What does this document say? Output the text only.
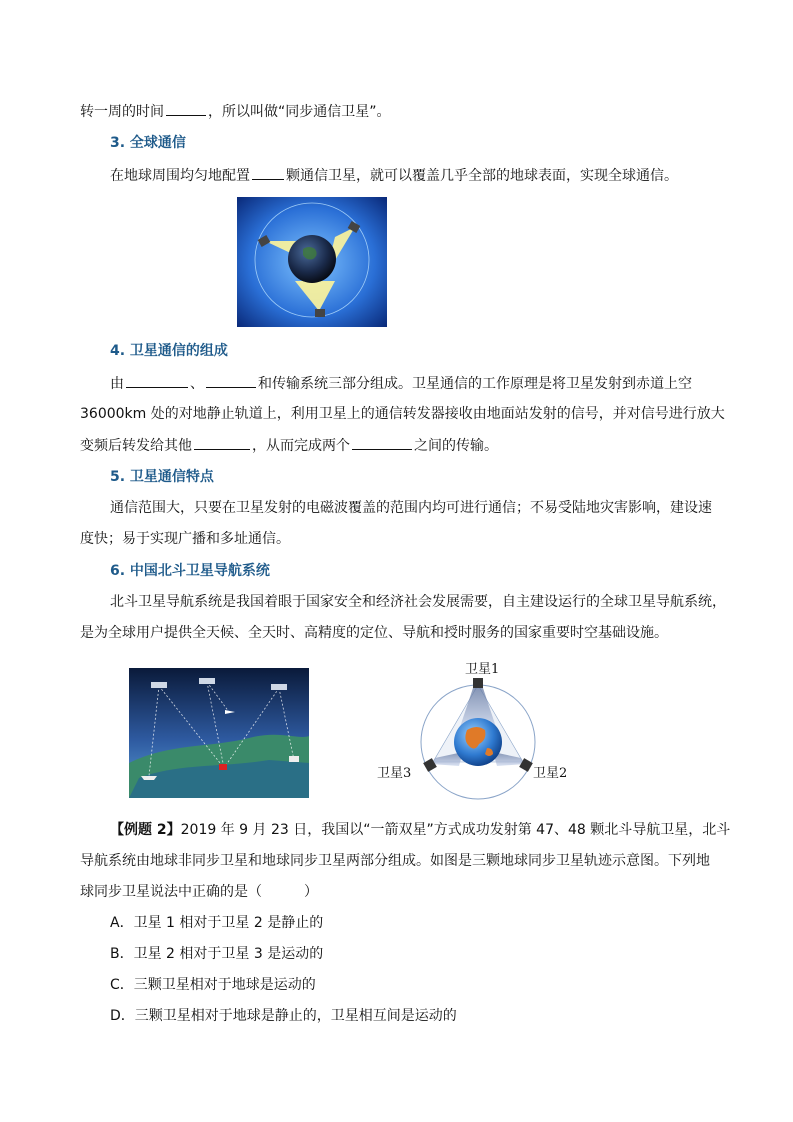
转一周的时间	，所以叫做“同步通信卫星”。
3. 全球通信
在地球周围均匀地配置	颗通信卫星，就可以覆盖几乎全部的地球表面，实现全球通信。
4. 卫星通信的组成
由	、	和传输系统三部分组成。卫星通信的工作原理是将卫星发射到赤道上空
36000km 处的对地静止轨道上，利用卫星上的通信转发器接收由地面站发射的信号，并对信号进行放大
变频后转发给其他	，从而完成两个	之间的传输。
5. 卫星通信特点
通信范围大，只要在卫星发射的电磁波覆盖的范围内均可进行通信；不易受陆地灾害影响，建设速
度快；易于实现广播和多址通信。
6. 中国北斗卫星导航系统
北斗卫星导航系统是我国着眼于国家安全和经济社会发展需要，自主建设运行的全球卫星导航系统，
是为全球用户提供全天候、全天时、高精度的定位、导航和授时服务的国家重要时空基础设施。
卫星1
卫星3	卫星2
【例题 2】2019 年 9 月 23 日，我国以“一箭双星”方式成功发射第 47、48 颗北斗导航卫星，北斗
导航系统由地球非同步卫星和地球同步卫星两部分组成。如图是三颗地球同步卫星轨迹示意图。下列地
球同步卫星说法中正确的是（　　　）
A．卫星 1 相对于卫星 2 是静止的
B．卫星 2 相对于卫星 3 是运动的
C．三颗卫星相对于地球是运动的
D．三颗卫星相对于地球是静止的，卫星相互间是运动的
